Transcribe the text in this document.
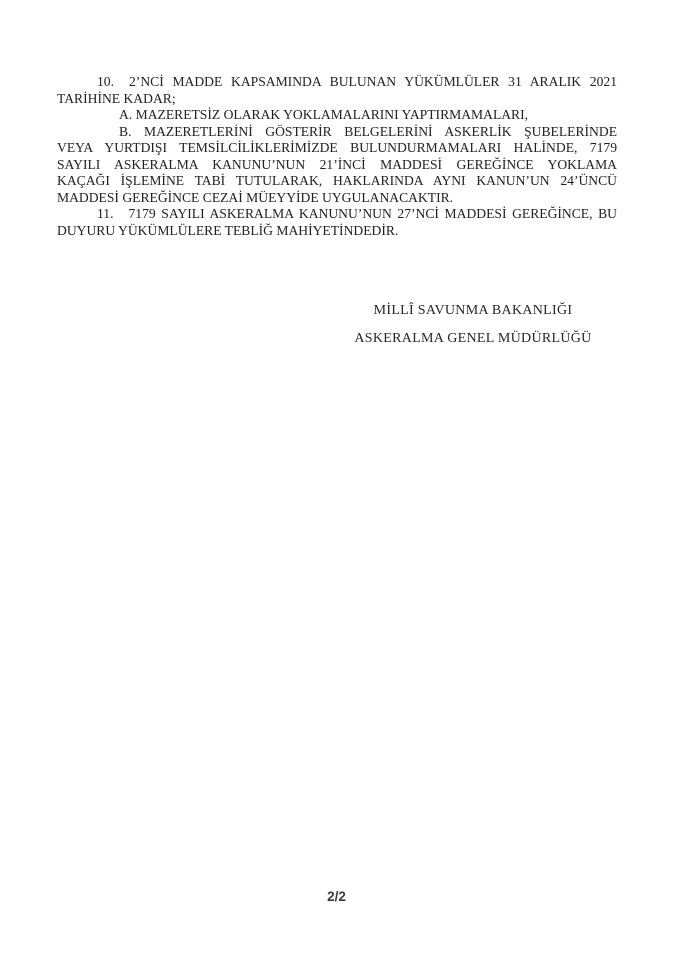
10. 2’NCİ MADDE KAPSAMINDA BULUNAN YÜKÜMLÜLER 31 ARALIK 2021
TARİHİNE KADAR;
A. MAZERETSİZ OLARAK YOKLAMALARINI YAPTIRMAMALARI,
B. MAZERETLERİNİ GÖSTERİR BELGELERİNİ ASKERLİK ŞUBELERİNDE
VEYA YURTDIŞI TEMSİLCİLİKLERİMİZDE BULUNDURMAMALARI HALİNDE, 7179
SAYILI ASKERALMA KANUNU’NUN 21’İNCİ MADDESİ GEREĞİNCE YOKLAMA
KAÇAĞI İŞLEMİNE TABİ TUTULARAK, HAKLARINDA AYNI KANUN’UN 24’ÜNCÜ
MADDESİ GEREĞİNCE CEZAİ MÜEYYİDE UYGULANACAKTIR.
11. 7179 SAYILI ASKERALMA KANUNU’NUN 27’NCİ MADDESİ GEREĞİNCE, BU
DUYURU YÜKÜMLÜLERE TEBLİĞ MAHİYETİNDEDİR.
MİLLÎ SAVUNMA BAKANLIĞI
ASKERALMA GENEL MÜDÜRLÜĞÜ
2/2
